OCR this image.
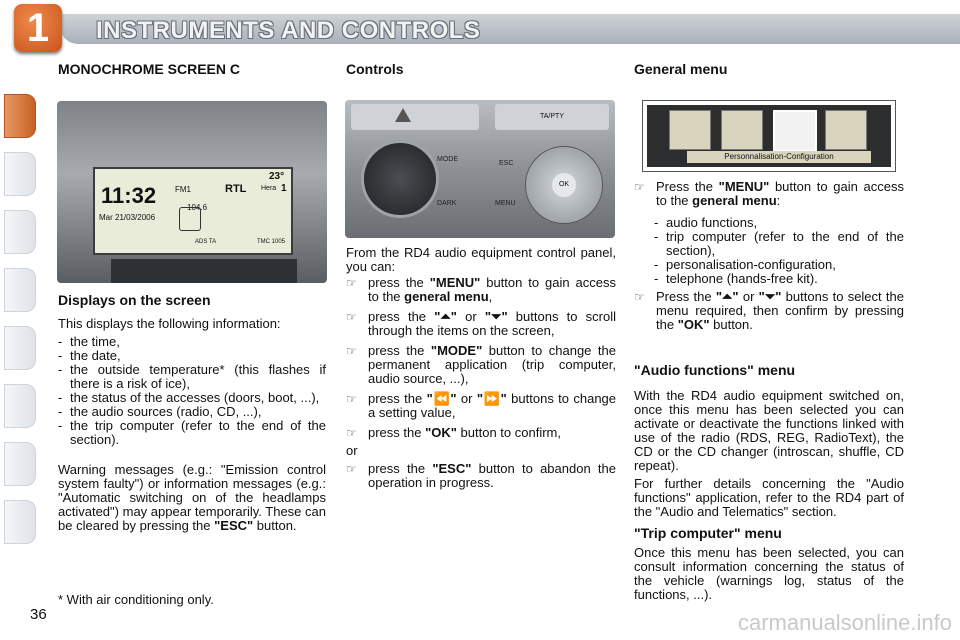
1	INSTRUMENTS AND CONTROLS

MONOCHROME SCREEN C

11:32
Mar 21/03/2006
FM1	RTL
23°
Hera 1
104.6
ADS TA	TMC 1005

Displays on the screen

This displays the following information:

- the time,
- the date,
- the outside temperature* (this flashes if there is a risk of ice),
- the status of the accesses (doors, boot, ...),
- the audio sources (radio, CD, ...),
- the trip computer (refer to the end of the section).

Warning messages (e.g.: "Emission control system faulty") or information messages (e.g.: "Automatic switching on of the headlamps activated") may appear temporarily. These can be cleared by pressing the "ESC" button.

Controls

TA/PTY
MODE
DARK
ESC
MENU
OK

From the RD4 audio equipment control panel, you can:

☞ press the "MENU" button to gain access to the general menu,
☞ press the "⏶" or "⏷" buttons to scroll through the items on the screen,
☞ press the "MODE" button to change the permanent application (trip computer, audio source, ...),
☞ press the "⏪" or "⏩" buttons to change a setting value,
☞ press the "OK" button to confirm,

or

☞ press the "ESC" button to abandon the operation in progress.

General menu

Personnalisation-Configuration
☞ Press the "MENU" button to gain access to the general menu:
- audio functions,
- trip computer (refer to the end of the section),
- personalisation-configuration,
- telephone (hands-free kit).
☞ Press the "⏶" or "⏷" buttons to select the menu required, then confirm by pressing the "OK" button.

"Audio functions" menu

With the RD4 audio equipment switched on, once this menu has been selected you can activate or deactivate the functions linked with use of the radio (RDS, REG, RadioText), the CD or the CD changer (introscan, shuffle, CD repeat).

For further details concerning the "Audio functions" application, refer to the RD4 part of the "Audio and Telematics" section.

"Trip computer" menu

Once this menu has been selected, you can consult information concerning the status of the vehicle (warnings log, status of the functions, ...).

* With air conditioning only.
36	carmanualsonline.info
